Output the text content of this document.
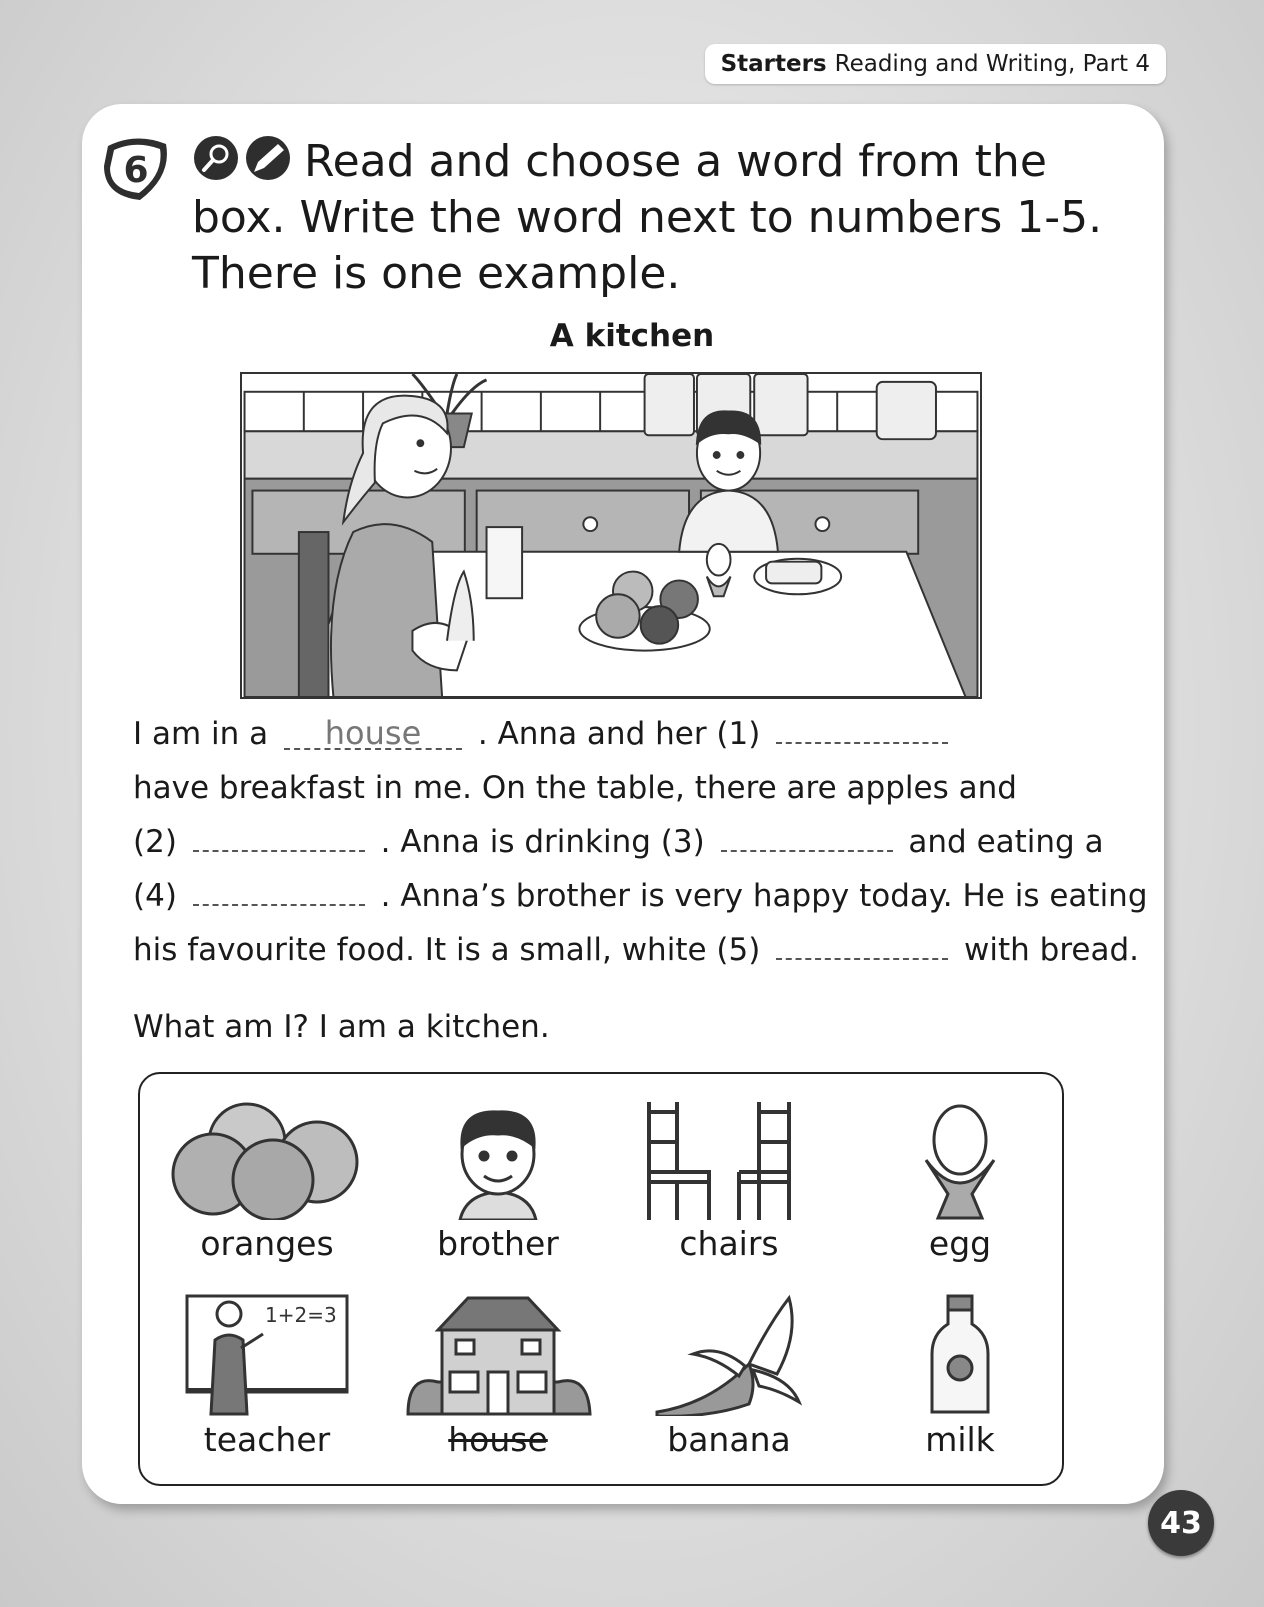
Starters Reading and Writing, Part 4
6	Read and choose a word from the box. Write the word next to numbers 1-5. There is one example.
A kitchen
I am in a house . Anna and her (1)
have breakfast in me. On the table, there are apples and
(2)	. Anna is drinking (3)	and eating a
(4)	. Anna’s brother is very happy today. He is eating
his favourite food. It is a small, white (5)	with bread.
What am I? I am a kitchen.
oranges	brother	chairs	egg
1+2=3
teacher	house	banana	milk
43
